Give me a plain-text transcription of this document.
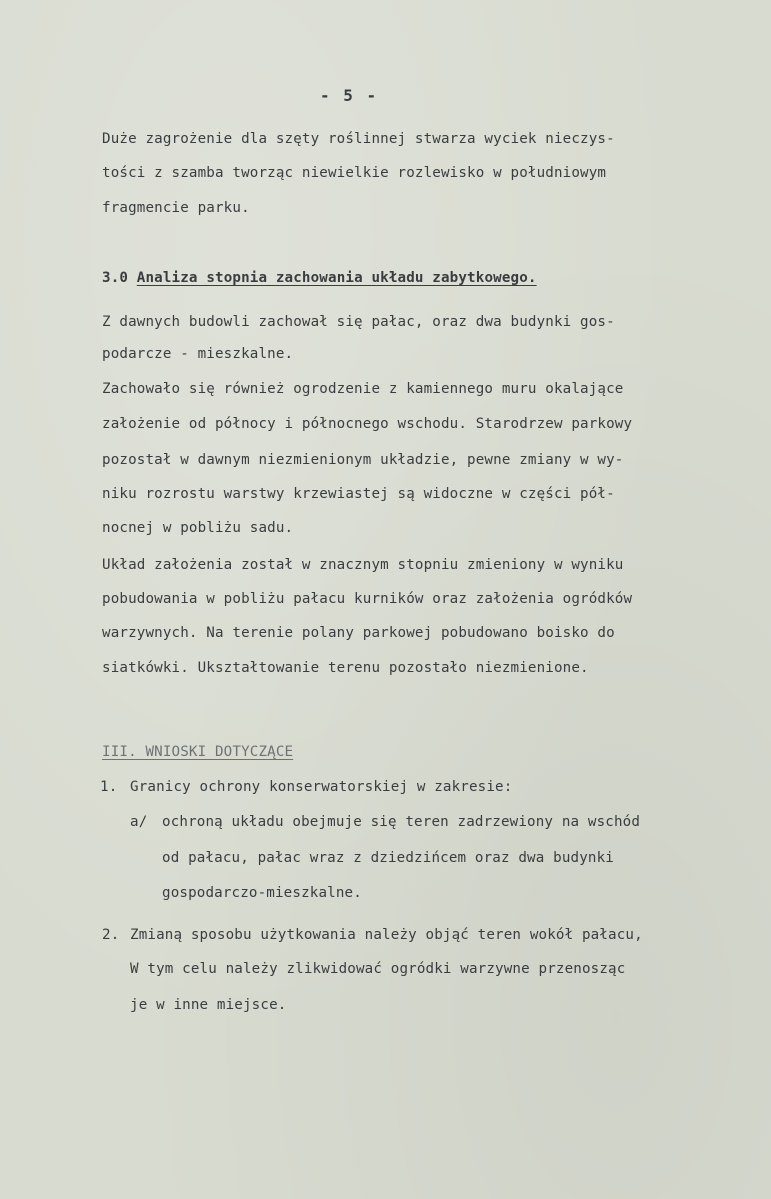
- 5 -
Duże zagrożenie dla szęty roślinnej stwarza wyciek nieczys-
tości z szamba tworząc niewielkie rozlewisko w południowym
fragmencie parku.
3.0 Analiza stopnia zachowania układu zabytkowego.
Z dawnych budowli zachował się pałac, oraz dwa budynki gos-
podarcze - mieszkalne.
Zachowało się również ogrodzenie z kamiennego muru okalające
założenie od północy i północnego wschodu. Starodrzew parkowy
pozostał w dawnym niezmienionym układzie, pewne zmiany w wy-
niku rozrostu warstwy krzewiastej są widoczne w części pół-
nocnej w pobliżu sadu.
Układ założenia został w znacznym stopniu zmieniony w wyniku
pobudowania w pobliżu pałacu kurników oraz założenia ogródków
warzywnych. Na terenie polany parkowej pobudowano boisko do
siatkówki. Ukształtowanie terenu pozostało niezmienione.
III. WNIOSKI DOTYCZĄCE
1. Granicy ochrony konserwatorskiej w zakresie:
a/ ochroną układu obejmuje się teren zadrzewiony na wschód
od pałacu, pałac wraz z dziedzińcem oraz dwa budynki
gospodarczo-mieszkalne.
2. Zmianą sposobu użytkowania należy objąć teren wokół pałacu,
W tym celu należy zlikwidować ogródki warzywne przenosząc
je w inne miejsce.
